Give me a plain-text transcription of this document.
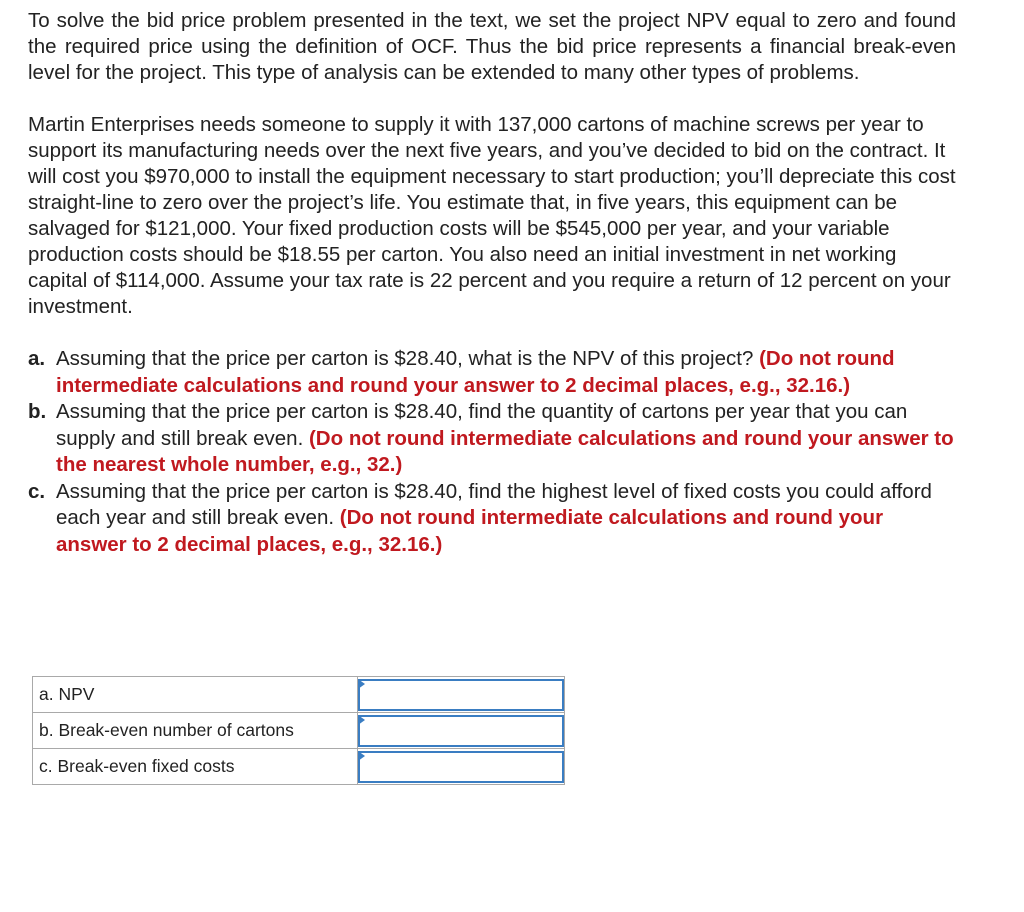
To solve the bid price problem presented in the text, we set the project NPV equal to zero and found the required price using the definition of OCF. Thus the bid price represents a financial break-even level for the project. This type of analysis can be extended to many other types of problems.

Martin Enterprises needs someone to supply it with 137,000 cartons of machine screws per year to support its manufacturing needs over the next five years, and you’ve decided to bid on the contract. It will cost you $970,000 to install the equipment necessary to start production; you’ll depreciate this cost straight-line to zero over the project’s life. You estimate that, in five years, this equipment can be salvaged for $121,000. Your fixed production costs will be $545,000 per year, and your variable production costs should be $18.55 per carton. You also need an initial investment in net working capital of $114,000. Assume your tax rate is 22 percent and you require a return of 12 percent on your investment.

a. Assuming that the price per carton is $28.40, what is the NPV of this project? (Do not round intermediate calculations and round your answer to 2 decimal places, e.g., 32.16.)
b. Assuming that the price per carton is $28.40, find the quantity of cartons per year that you can supply and still break even. (Do not round intermediate calculations and round your answer to the nearest whole number, e.g., 32.)
c. Assuming that the price per carton is $28.40, find the highest level of fixed costs you could afford each year and still break even. (Do not round intermediate calculations and round your answer to 2 decimal places, e.g., 32.16.)
a. NPV	

b. Break-even number of cartons	

c. Break-even fixed costs	
